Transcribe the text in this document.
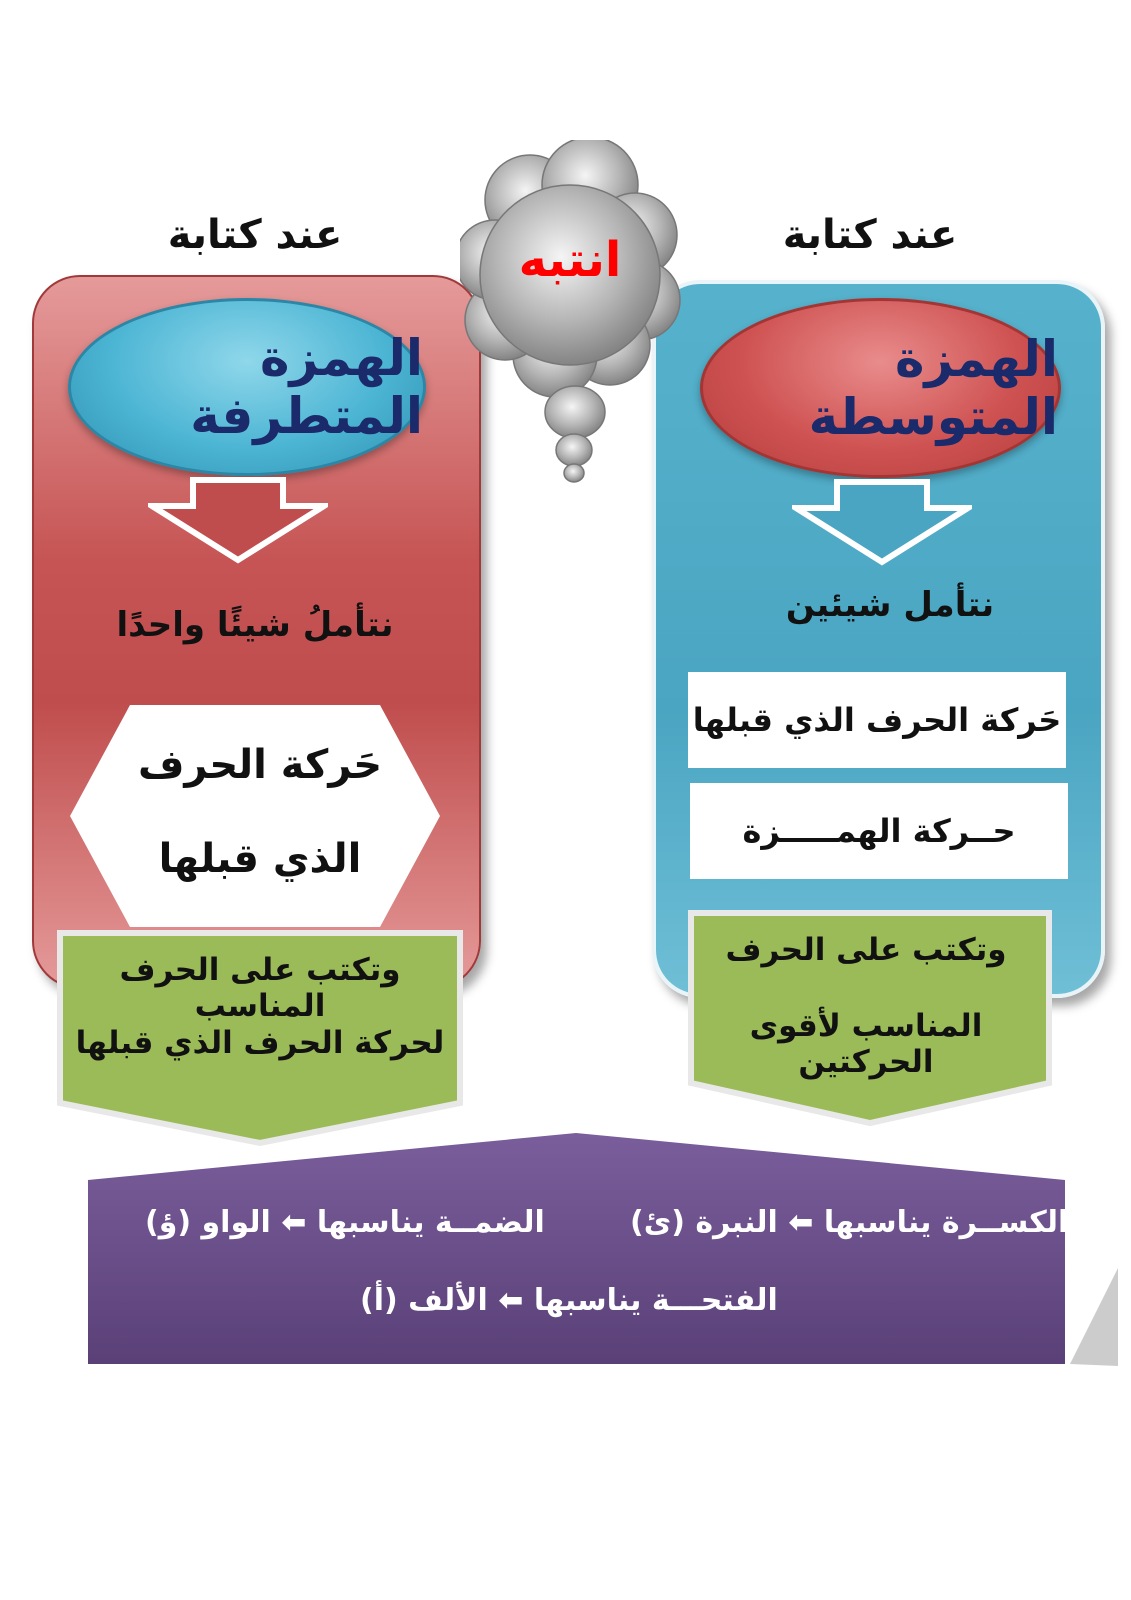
عند كتابة	عند كتابة
انتبه
الهمزة المتطرفة
الهمزة المتوسطة
نتأملُ شيئًا واحدًا	نتأمل شيئين
حَركة الحرف
الذي قبلها
حَركة الحرف الذي قبلها
حــركة الهمـــــزة
وتكتب على الحرف المناسب
لحركة الحرف الذي قبلها
وتكتب على الحرف
المناسب لأقوى الحركتين
الكســرة يناسبها ⬅ النبرة (ئ)
الضمــة يناسبها ⬅ الواو (ؤ)
الفتحـــة يناسبها ⬅ الألف (أ)
